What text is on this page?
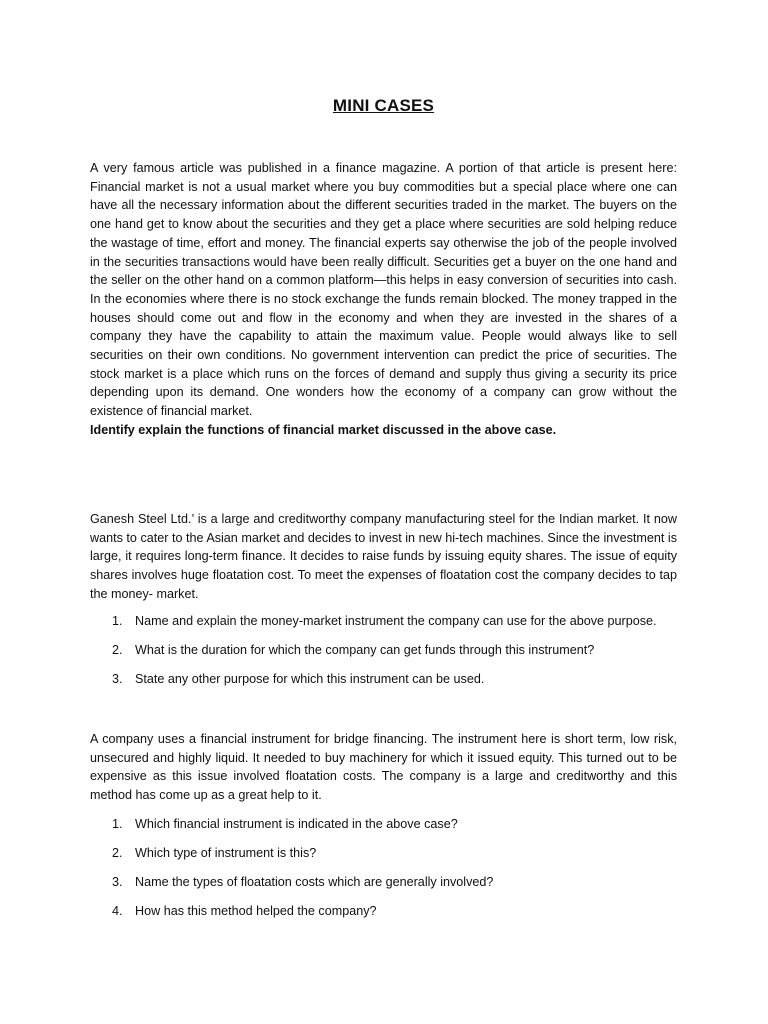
MINI CASES

A very famous article was published in a finance magazine. A portion of that article is present here: Financial market is not a usual market where you buy commodities but a special place where one can have all the necessary information about the different securities traded in the market. The buyers on the one hand get to know about the securities and they get a place where securities are sold helping reduce the wastage of time, effort and money. The financial experts say otherwise the job of the people involved in the securities transactions would have been really difficult. Securities get a buyer on the one hand and the seller on the other hand on a common platform—this helps in easy conversion of securities into cash. In the economies where there is no stock exchange the funds remain blocked. The money trapped in the houses should come out and flow in the economy and when they are invested in the shares of a company they have the capability to attain the maximum value. People would always like to sell securities on their own conditions. No government intervention can predict the price of securities. The stock market is a place which runs on the forces of demand and supply thus giving a security its price depending upon its demand. One wonders how the economy of a company can grow without the existence of financial market.

Identify explain the functions of financial market discussed in the above case.

Ganesh Steel Ltd.’ is a large and creditworthy company manufacturing steel for the Indian market. It now wants to cater to the Asian market and decides to invest in new hi-tech machines. Since the investment is large, it requires long-term finance. It decides to raise funds by issuing equity shares. The issue of equity shares involves huge floatation cost. To meet the expenses of floatation cost the company decides to tap the money- market.

1. Name and explain the money-market instrument the company can use for the above purpose.
2. What is the duration for which the company can get funds through this instrument?
3. State any other purpose for which this instrument can be used.

A company uses a financial instrument for bridge financing. The instrument here is short term, low risk, unsecured and highly liquid. It needed to buy machinery for which it issued equity. This turned out to be expensive as this issue involved floatation costs. The company is a large and creditworthy and this method has come up as a great help to it.

1. Which financial instrument is indicated in the above case?
2. Which type of instrument is this?
3. Name the types of floatation costs which are generally involved?
4. How has this method helped the company?
